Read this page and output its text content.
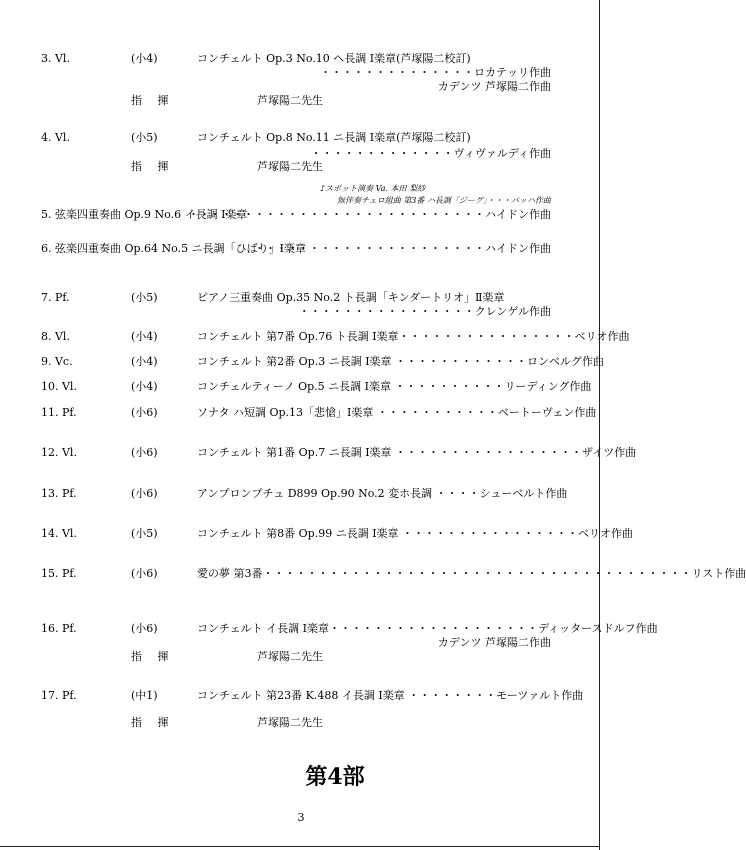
3. Vl.	(小4)	コンチェルト Op.3 No.10 ヘ長調 Ⅰ楽章(芦塚陽二校訂)
・・・・・・・・・・・・・・ロカテッリ作曲
カデンツ 芦塚陽二作曲
指 揮	芦塚陽二先生
4. Vl.	(小5)	コンチェルト Op.8 No.11 ニ長調 Ⅰ楽章(芦塚陽二校訂)
・・・・・・・・・・・・・ヴィヴァルディ作曲
指 揮	芦塚陽二先生
♪スポット演奏 Va. 本田 梨紗
無伴奏チェロ組曲 第3番 ハ長調「ジーグ」・・・バッハ作曲
5. 弦楽四重奏曲 Op.9 No.6 イ長調 Ⅰ楽章
・・・・・・・・・・・・・・・・・・・・・・・・・・・ハイドン作曲
6. 弦楽四重奏曲 Op.64 No.5 ニ長調「ひばり」Ⅰ楽章
・・・・・・・・・・・・・・・・・・・・・ハイドン作曲
7. Pf.	(小5)	ピアノ三重奏曲 Op.35 No.2 ト長調「キンダートリオ」Ⅱ楽章
・・・・・・・・・・・・・・・・クレンゲル作曲
8. Vl.	(小4)	コンチェルト 第7番 Op.76 ト長調 Ⅰ楽章・・・・・・・・・・・・・・・・ベリオ作曲
9. Vc.	(小4)	コンチェルト 第2番 Op.3 ニ長調 Ⅰ楽章 ・・・・・・・・・・・・ロンベルグ作曲
10. Vl.	(小4)	コンチェルティーノ Op.5 ニ長調 Ⅰ楽章 ・・・・・・・・・・リーディング作曲
11. Pf.	(小6)	ソナタ ハ短調 Op.13「悲愴」Ⅰ楽章 ・・・・・・・・・・・ベートーヴェン作曲
12. Vl.	(小6)	コンチェルト 第1番 Op.7 ニ長調 Ⅰ楽章 ・・・・・・・・・・・・・・・・・ザイツ作曲
13. Pf.	(小6)	アンプロンプチュ D899 Op.90 No.2 変ホ長調 ・・・・シューベルト作曲
14. Vl.	(小5)	コンチェルト 第8番 Op.99 ニ長調 Ⅰ楽章 ・・・・・・・・・・・・・・・・ベリオ作曲
15. Pf.	(小6)	愛の夢 第3番・・・・・・・・・・・・・・・・・・・・・・・・・・・・・・・・・・・・・・・リスト作曲
16. Pf.	(小6)	コンチェルト イ長調 Ⅰ楽章・・・・・・・・・・・・・・・・・・・ディッタースドルフ作曲
カデンツ 芦塚陽二作曲
指 揮	芦塚陽二先生
17. Pf.	(中1)	コンチェルト 第23番 K.488 イ長調 Ⅰ楽章 ・・・・・・・・モーツァルト作曲
指 揮	芦塚陽二先生
第4部
3
